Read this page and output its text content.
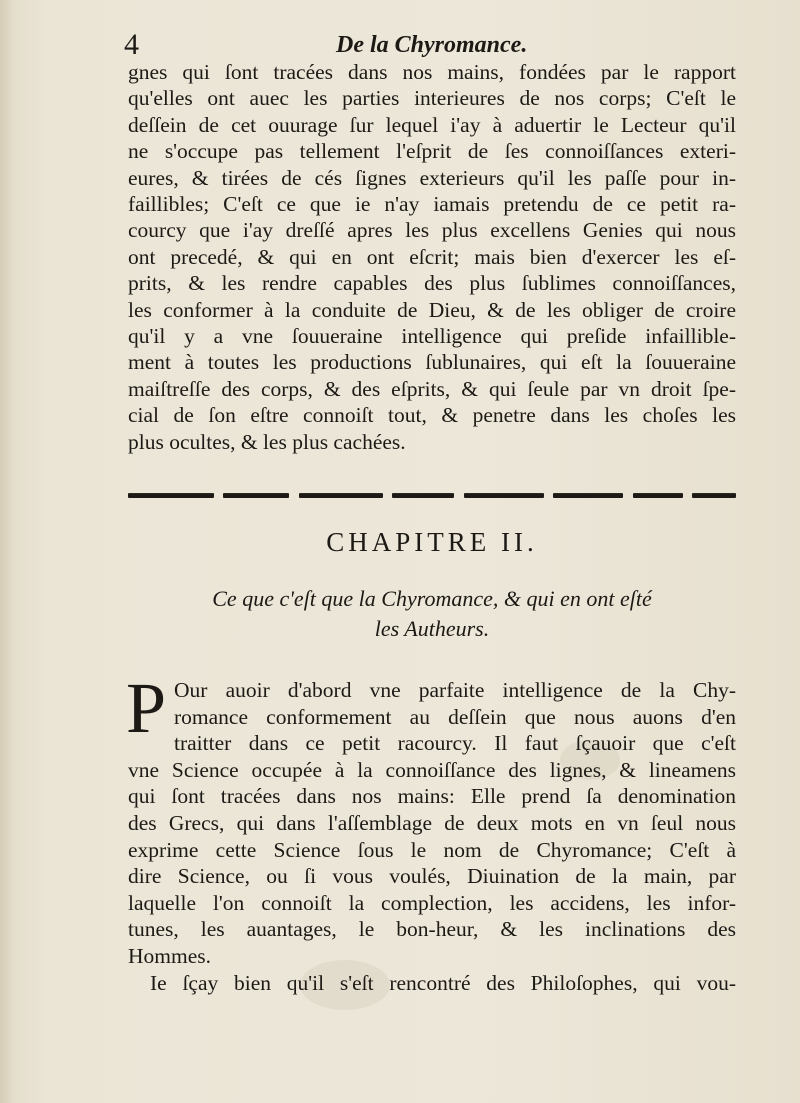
4	De la Chyromance.
gnes qui ſont tracées dans nos mains, fondées par le rapport
qu'elles ont auec les parties interieures de nos corps; C'eſt le
deſſein de cet ouurage ſur lequel i'ay à aduertir le Lecteur qu'il
ne s'occupe pas tellement l'eſprit de ſes connoiſſances exteri-
eures, & tirées de cés ſignes exterieurs qu'il les paſſe pour in-
faillibles; C'eſt ce que ie n'ay iamais pretendu de ce petit ra-
courcy que i'ay dreſſé apres les plus excellens Genies qui nous
ont precedé, & qui en ont eſcrit; mais bien d'exercer les eſ-
prits, & les rendre capables des plus ſublimes connoiſſances,
les conformer à la conduite de Dieu, & de les obliger de croire
qu'il y a vne ſouueraine intelligence qui preſide infaillible-
ment à toutes les productions ſublunaires, qui eſt la ſouueraine
maiſtreſſe des corps, & des eſprits, & qui ſeule par vn droit ſpe-
cial de ſon eſtre connoiſt tout, & penetre dans les choſes les
plus ocultes, & les plus cachées.
CHAPITRE II.
Ce que c'eſt que la Chyromance, & qui en ont eſté
les Autheurs.
P Our auoir d'abord vne parfaite intelligence de la Chy-
romance conformement au deſſein que nous auons d'en
traitter dans ce petit racourcy. Il faut ſçauoir que c'eſt
vne Science occupée à la connoiſſance des lignes, & lineamens
qui ſont tracées dans nos mains: Elle prend ſa denomination
des Grecs, qui dans l'aſſemblage de deux mots en vn ſeul nous
exprime cette Science ſous le nom de Chyromance; C'eſt à
dire Science, ou ſi vous voulés, Diuination de la main, par
laquelle l'on connoiſt la complection, les accidens, les infor-
tunes, les auantages, le bon-heur, & les inclinations des
Hommes.
Ie ſçay bien qu'il s'eſt rencontré des Philoſophes, qui vou-
